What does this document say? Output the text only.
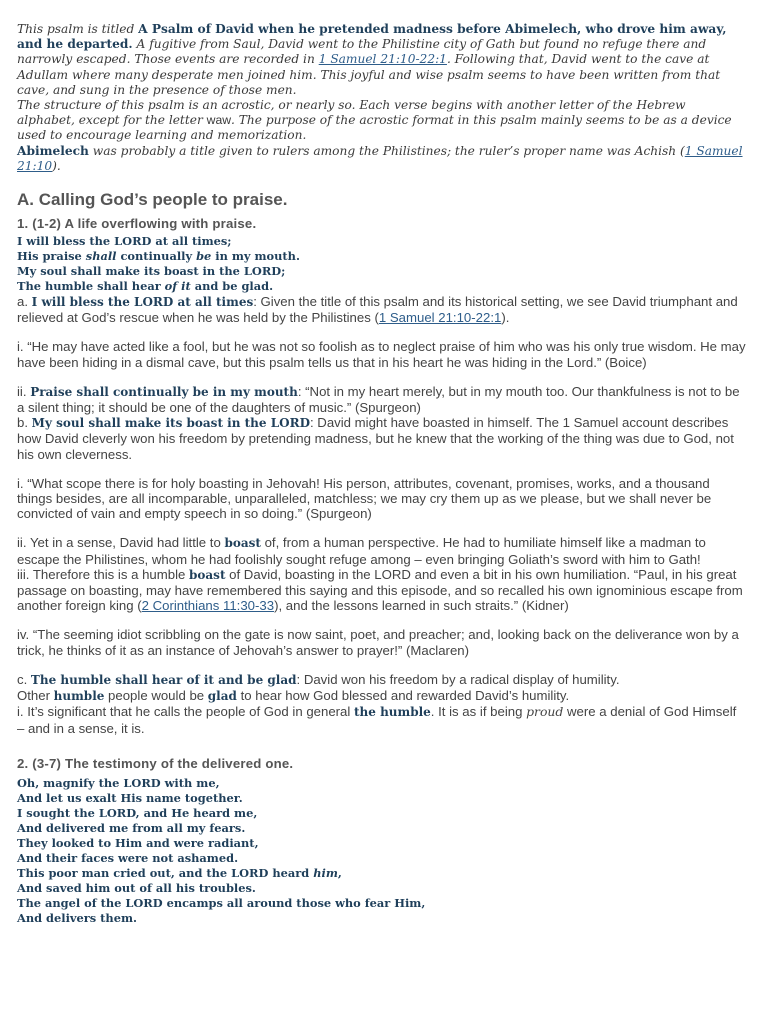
This psalm is titled A Psalm of David when he pretended madness before Abimelech, who drove him away, and he departed. A fugitive from Saul, David went to the Philistine city of Gath but found no refuge there and narrowly escaped. Those events are recorded in 1 Samuel 21:10-22:1. Following that, David went to the cave at Adullam where many desperate men joined him. This joyful and wise psalm seems to have been written from that cave, and sung in the presence of those men.

The structure of this psalm is an acrostic, or nearly so. Each verse begins with another letter of the Hebrew alphabet, except for the letter waw. The purpose of the acrostic format in this psalm mainly seems to be as a device used to encourage learning and memorization.

Abimelech was probably a title given to rulers among the Philistines; the ruler’s proper name was Achish (1 Samuel 21:10).

A. Calling God’s people to praise.
1. (1-2) A life overflowing with praise.

I will bless the LORD at all times;

His praise shall continually be in my mouth.

My soul shall make its boast in the LORD;

The humble shall hear of it and be glad.

a. I will bless the LORD at all times: Given the title of this psalm and its historical setting, we see David triumphant and relieved at God’s rescue when he was held by the Philistines (1 Samuel 21:10-22:1).

i. “He may have acted like a fool, but he was not so foolish as to neglect praise of him who was his only true wisdom. He may have been hiding in a dismal cave, but this psalm tells us that in his heart he was hiding in the Lord.” (Boice)

ii. Praise shall continually be in my mouth: “Not in my heart merely, but in my mouth too. Our thankfulness is not to be a silent thing; it should be one of the daughters of music.” (Spurgeon)

b. My soul shall make its boast in the LORD: David might have boasted in himself. The 1 Samuel account describes how David cleverly won his freedom by pretending madness, but he knew that the working of the thing was due to God, not his own cleverness.

i. “What scope there is for holy boasting in Jehovah! His person, attributes, covenant, promises, works, and a thousand things besides, are all incomparable, unparalleled, matchless; we may cry them up as we please, but we shall never be convicted of vain and empty speech in so doing.” (Spurgeon)

ii. Yet in a sense, David had little to boast of, from a human perspective. He had to humiliate himself like a madman to escape the Philistines, whom he had foolishly sought refuge among – even bringing Goliath’s sword with him to Gath!

iii. Therefore this is a humble boast of David, boasting in the LORD and even a bit in his own humiliation. “Paul, in his great passage on boasting, may have remembered this saying and this episode, and so recalled his own ignominious escape from another foreign king (2 Corinthians 11:30-33), and the lessons learned in such straits.” (Kidner)

iv. “The seeming idiot scribbling on the gate is now saint, poet, and preacher; and, looking back on the deliverance won by a trick, he thinks of it as an instance of Jehovah’s answer to prayer!” (Maclaren)

c. The humble shall hear of it and be glad: David won his freedom by a radical display of humility.

Other humble people would be glad to hear how God blessed and rewarded David’s humility.

i. It’s significant that he calls the people of God in general the humble. It is as if being proud were a denial of God Himself – and in a sense, it is.

2. (3-7) The testimony of the delivered one.

Oh, magnify the LORD with me,

And let us exalt His name together.

I sought the LORD, and He heard me,

And delivered me from all my fears.

They looked to Him and were radiant,

And their faces were not ashamed.

This poor man cried out, and the LORD heard him,

And saved him out of all his troubles.

The angel of the LORD encamps all around those who fear Him,

And delivers them.
